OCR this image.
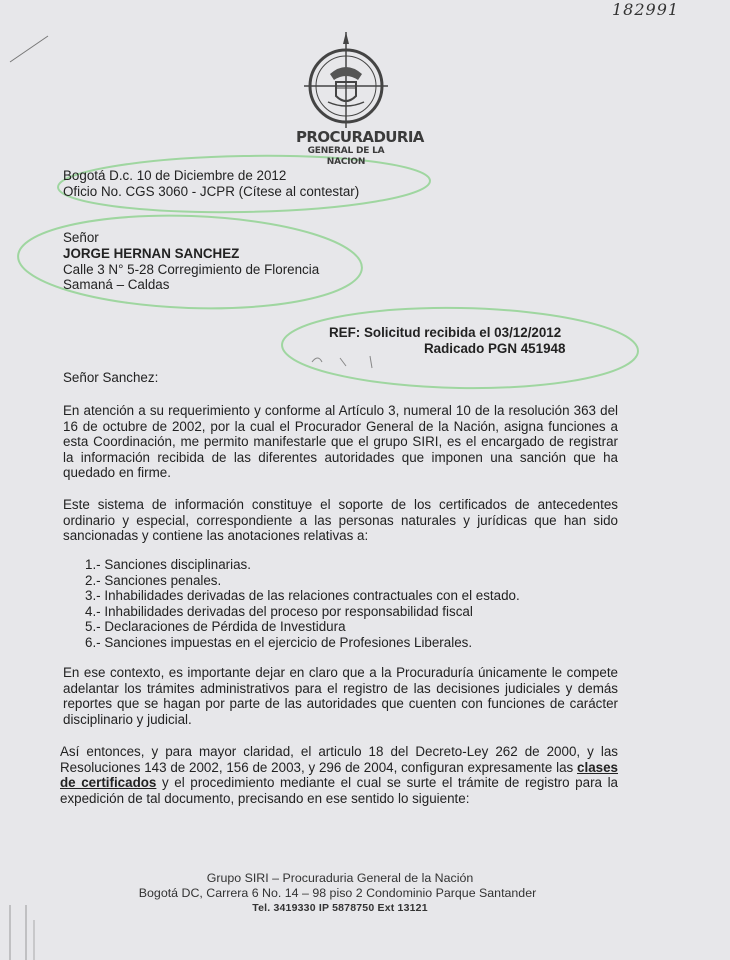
182991
PROCURADURIA
GENERAL DE LA NACION
Bogotá D.c. 10 de Diciembre de 2012
Oficio No. CGS 3060 - JCPR (Cítese al contestar)
Señor
JORGE HERNAN SANCHEZ
Calle 3 N° 5-28 Corregimiento de Florencia
Samaná – Caldas
REF: Solicitud recibida el 03/12/2012
Radicado PGN 451948
Señor Sanchez:
En atención a su requerimiento y conforme al Artículo 3, numeral 10 de la resolución 363 del 16 de octubre de 2002, por la cual el Procurador General de la Nación, asigna funciones a esta Coordinación, me permito manifestarle que el grupo SIRI, es el encargado de registrar la información recibida de las diferentes autoridades que imponen una sanción que ha quedado en firme.
Este sistema de información constituye el soporte de los certificados de antecedentes ordinario y especial, correspondiente a las personas naturales y jurídicas que han sido sancionadas y contiene las anotaciones relativas a:
1.- Sanciones disciplinarias.
2.- Sanciones penales.
3.- Inhabilidades derivadas de las relaciones contractuales con el estado.
4.- Inhabilidades derivadas del proceso por responsabilidad fiscal
5.- Declaraciones de Pérdida de Investidura
6.- Sanciones impuestas en el ejercicio de Profesiones Liberales.
En ese contexto, es importante dejar en claro que a la Procuraduría únicamente le compete adelantar los trámites administrativos para el registro de las decisiones judiciales y demás reportes que se hagan por parte de las autoridades que cuenten con funciones de carácter disciplinario y judicial.
Así entonces, y para mayor claridad, el articulo 18 del Decreto-Ley 262 de 2000, y las Resoluciones 143 de 2002, 156 de 2003, y 296 de 2004, configuran expresamente las clases de certificados y el procedimiento mediante el cual se surte el trámite de registro para la expedición de tal documento, precisando en ese sentido lo siguiente:
Grupo SIRI – Procuraduria General de la Nación
Bogotá DC, Carrera 6 No. 14 – 98 piso 2 Condominio Parque Santander
Tel. 3419330 IP 5878750 Ext 13121
